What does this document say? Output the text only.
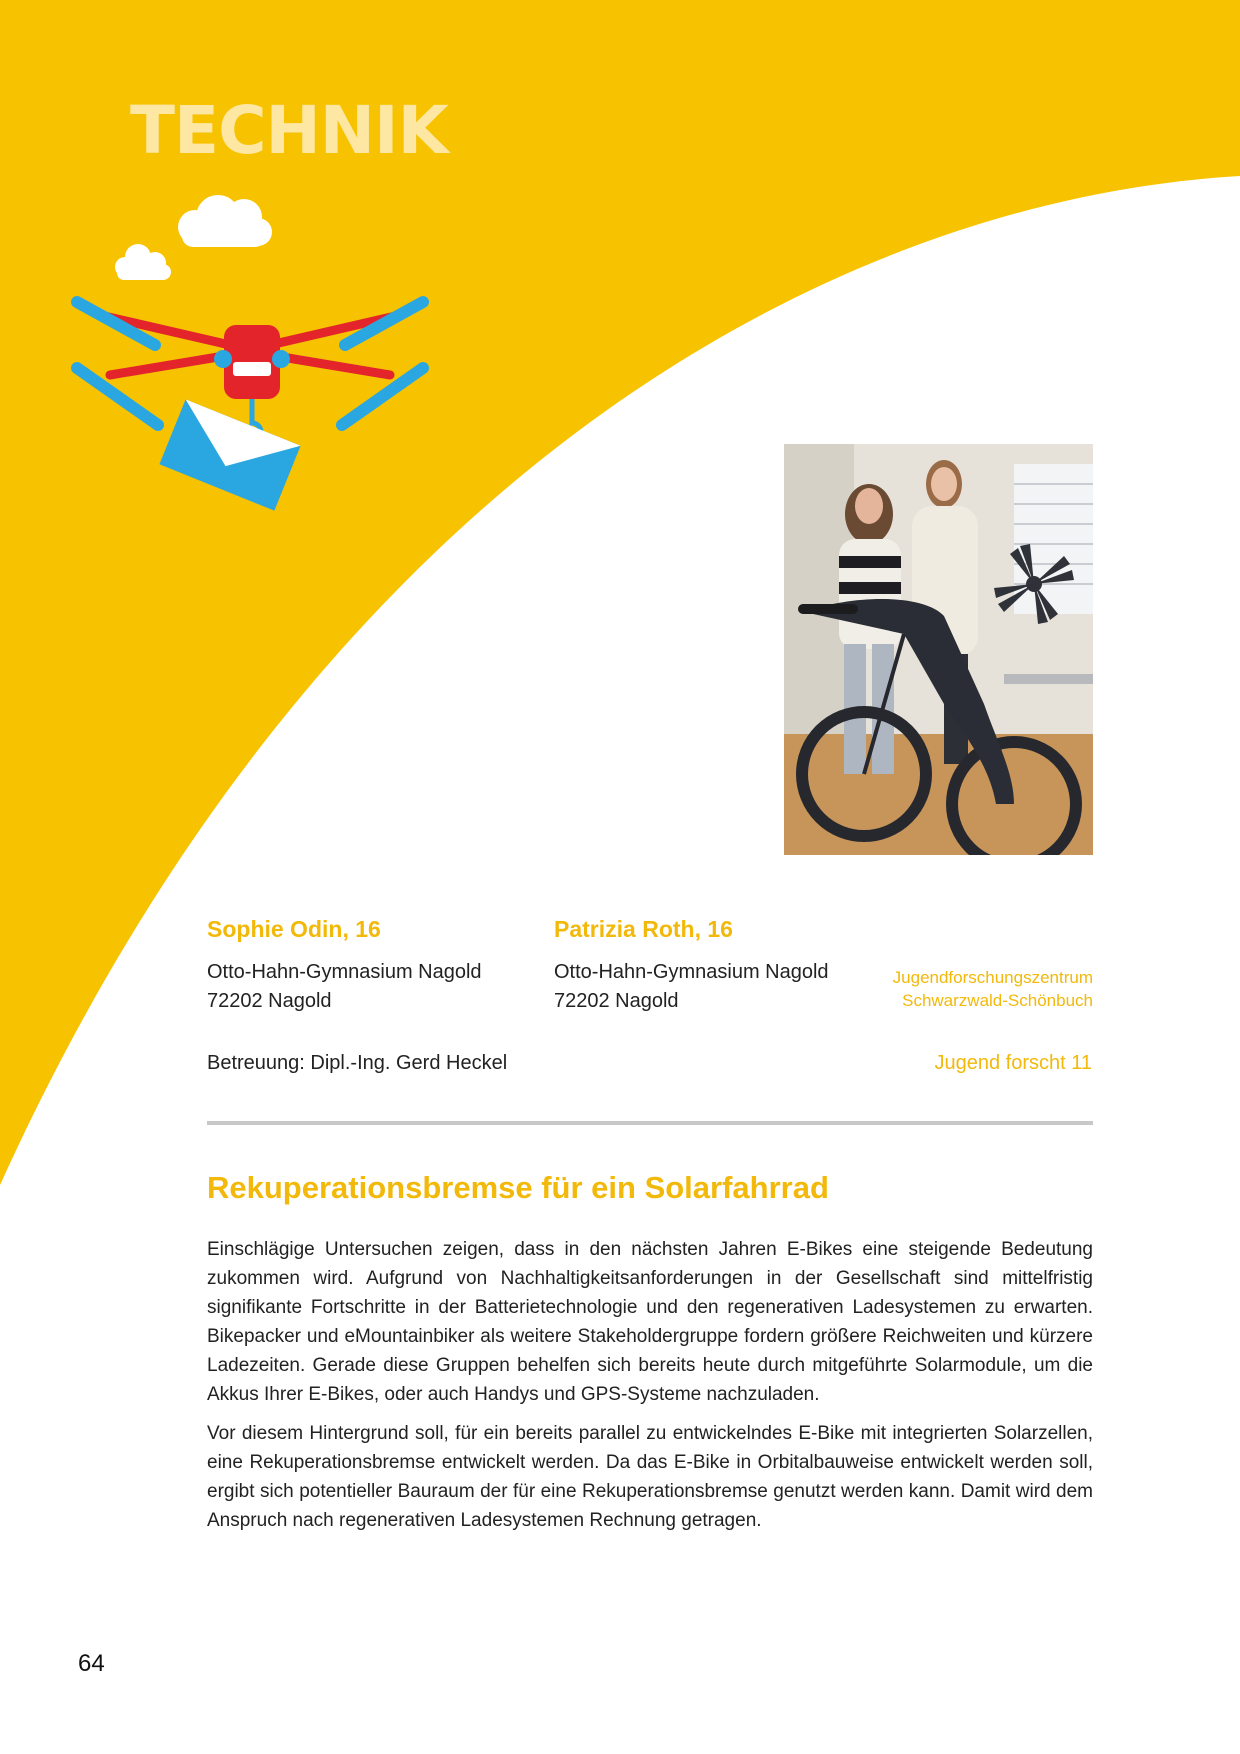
TECHNIK
Sophie Odin, 16	Patrizia Roth, 16
Otto-Hahn-Gymnasium Nagold
72202 Nagold
Otto-Hahn-Gymnasium Nagold
72202 Nagold
Jugendforschungszentrum
Schwarzwald-Schönbuch
Betreuung: Dipl.-Ing. Gerd Heckel	Jugend forscht 11
Rekuperationsbremse für ein Solarfahrrad

Einschlägige Untersuchen zeigen, dass in den nächsten Jahren E-Bikes eine steigende Bedeutung zukommen wird. Aufgrund von Nachhaltigkeitsanforderungen in der Gesellschaft sind mittelfristig signifikante Fortschritte in der Batterietechnologie und den regenerativen Ladesystemen zu erwarten. Bikepacker und eMountainbiker als weitere Stakeholdergruppe fordern größere Reichweiten und kürzere Ladezeiten. Gerade diese Gruppen behelfen sich bereits heute durch mitgeführte Solarmodule, um die Akkus Ihrer E-Bikes, oder auch Handys und GPS-Systeme nachzuladen.

Vor diesem Hintergrund soll, für ein bereits parallel zu entwickelndes E-Bike mit integrierten Solarzellen, eine Rekuperationsbremse entwickelt werden. Da das E-Bike in Orbitalbauweise entwickelt werden soll, ergibt sich potentieller Bauraum der für eine Rekuperationsbremse genutzt werden kann. Damit wird dem Anspruch nach regenerativen Ladesystemen Rechnung getragen.

64
